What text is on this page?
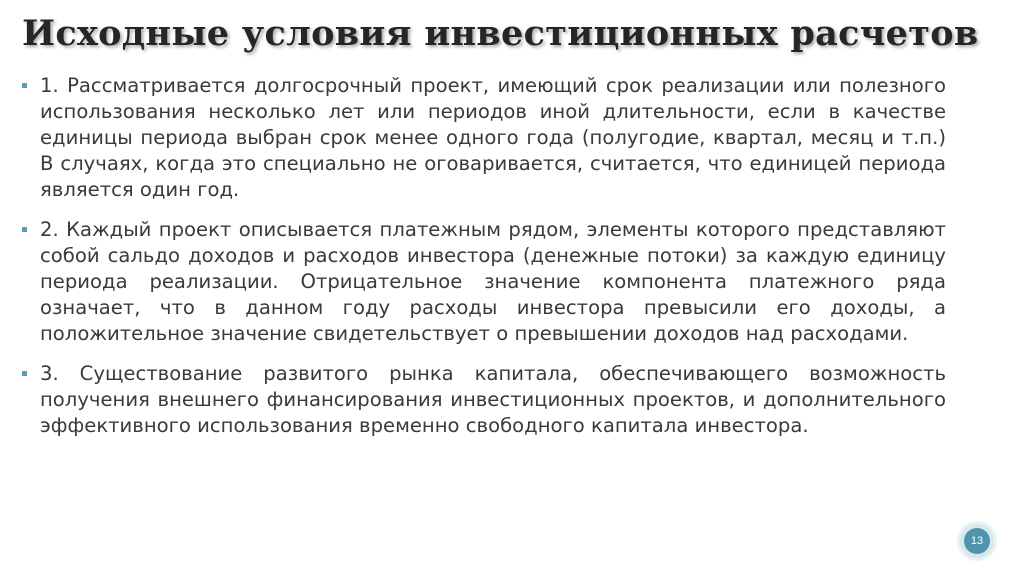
Исходные условия инвестиционных расчетов

1. Рассматривается долгосрочный проект, имеющий срок реализации или полезного использования несколько лет или периодов иной длительности, если в качестве единицы периода выбран срок менее одного года (полугодие, квартал, месяц и т.п.) В случаях, когда это специально не оговаривается, считается, что единицей периода является один год.

2. Каждый проект описывается платежным рядом, элементы которого представляют собой сальдо доходов и расходов инвестора (денежные потоки) за каждую единицу периода реализации. Отрицательное значение компонента платежного ряда означает, что в данном году расходы инвестора превысили его доходы, а положительное значение свидетельствует о превышении доходов над расходами.

3. Существование развитого рынка капитала, обеспечивающего возможность получения внешнего финансирования инвестиционных проектов, и дополнительного эффективного использования временно свободного капитала инвестора.

13
